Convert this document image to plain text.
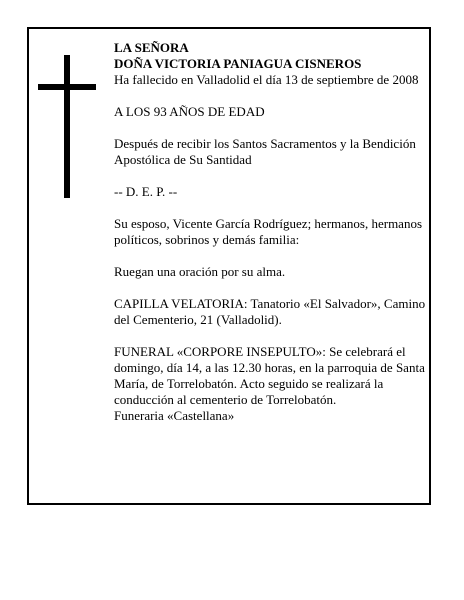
LA SEÑORA

DOÑA VICTORIA PANIAGUA CISNEROS

Ha fallecido en Valladolid el día 13 de septiembre de 2008

A LOS 93 AÑOS DE EDAD

Después de recibir los Santos Sacramentos y la Bendición Apostólica de Su Santidad

-- D. E. P. --

Su esposo, Vicente García Rodríguez; hermanos, hermanos políticos, sobrinos y demás familia:

Ruegan una oración por su alma.

CAPILLA VELATORIA: Tanatorio «El Salvador», Camino del Cementerio, 21 (Valladolid).

FUNERAL «CORPORE INSEPULTO»: Se celebrará el domingo, día 14, a las 12.30 horas, en la parroquia de Santa María, de Torrelobatón. Acto seguido se realizará la conducción al cementerio de Torrelobatón.

Funeraria «Castellana»
